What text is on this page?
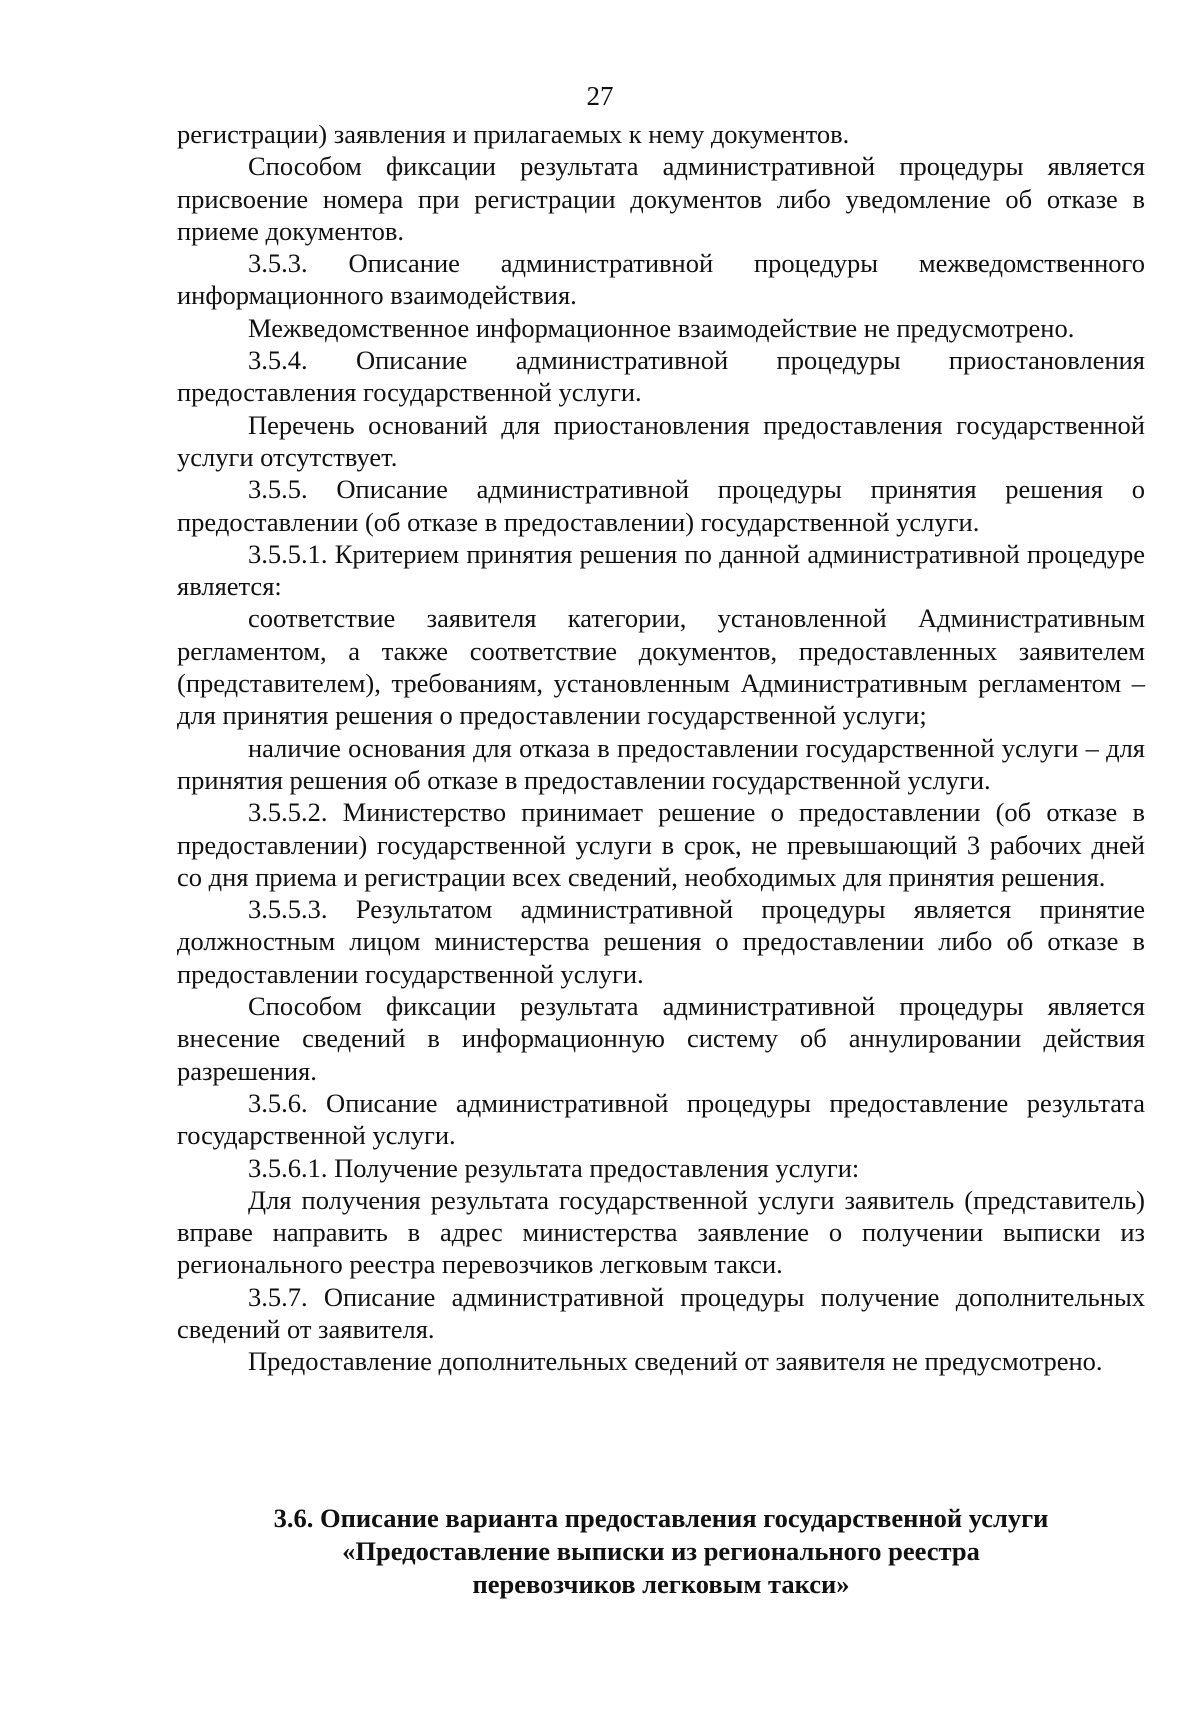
27

регистрации) заявления и прилагаемых к нему документов.

Способом фиксации результата административной процедуры является присвоение номера при регистрации документов либо уведомление об отказе в приеме документов.

3.5.3. Описание административной процедуры межведомственного информационного взаимодействия.

Межведомственное информационное взаимодействие не предусмотрено.

3.5.4. Описание административной процедуры приостановления предоставления государственной услуги.

Перечень оснований для приостановления предоставления государственной услуги отсутствует.

3.5.5. Описание административной процедуры принятия решения о предоставлении (об отказе в предоставлении) государственной услуги.

3.5.5.1. Критерием принятия решения по данной административной процедуре является:

соответствие заявителя категории, установленной Административным регламентом, а также соответствие документов, предоставленных заявителем (представителем), требованиям, установленным Административным регламентом – для принятия решения о предоставлении государственной услуги;

наличие основания для отказа в предоставлении государственной услуги – для принятия решения об отказе в предоставлении государственной услуги.

3.5.5.2. Министерство принимает решение о предоставлении (об отказе в предоставлении) государственной услуги в срок, не превышающий 3 рабочих дней со дня приема и регистрации всех сведений, необходимых для принятия решения.

3.5.5.3. Результатом административной процедуры является принятие должностным лицом министерства решения о предоставлении либо об отказе в предоставлении государственной услуги.

Способом фиксации результата административной процедуры является внесение сведений в информационную систему об аннулировании действия разрешения.

3.5.6. Описание административной процедуры предоставление результата государственной услуги.

3.5.6.1. Получение результата предоставления услуги:

Для получения результата государственной услуги заявитель (представитель) вправе направить в адрес министерства заявление о получении выписки из регионального реестра перевозчиков легковым такси.

3.5.7. Описание административной процедуры получение дополнительных сведений от заявителя.

Предоставление дополнительных сведений от заявителя не предусмотрено.

3.6. Описание варианта предоставления государственной услуги
«Предоставление выписки из регионального реестра
перевозчиков легковым такси»
